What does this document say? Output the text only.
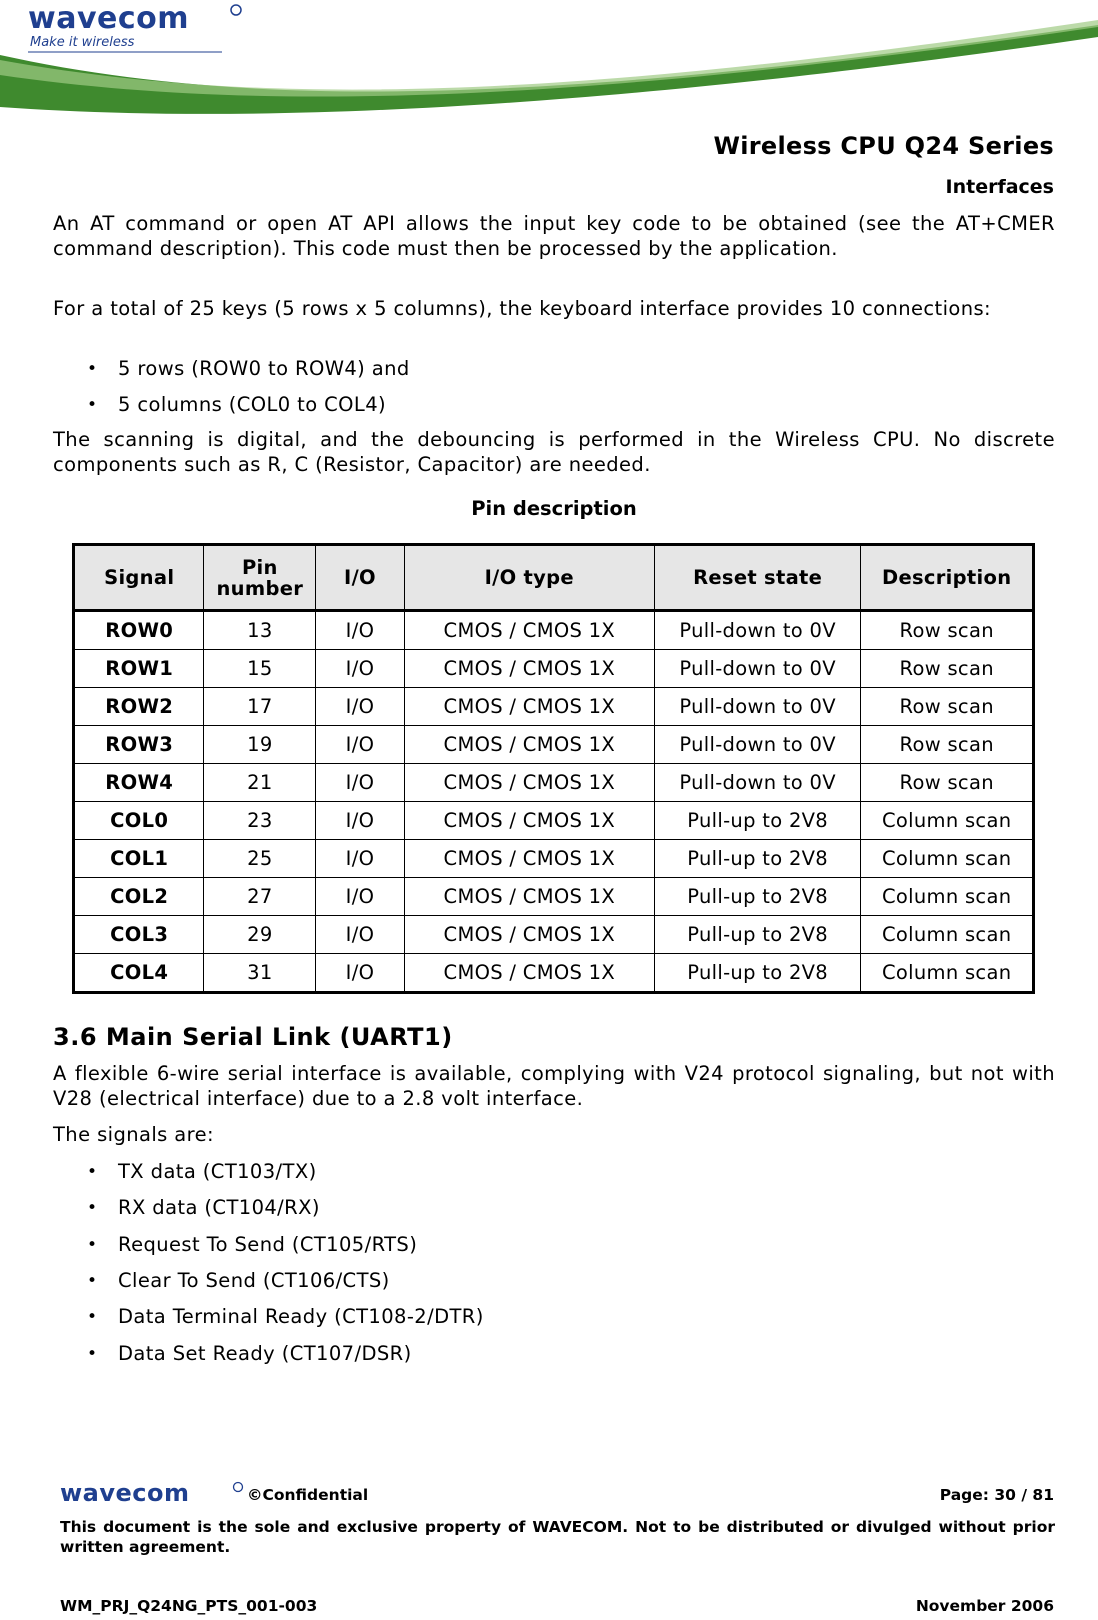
wavecom
Make it wireless
Wireless CPU Q24 Series
Interfaces
An AT command or open AT API allows the input key code to be obtained (see the AT+CMER command description). This code must then be processed by the application.
For a total of 25 keys (5 rows x 5 columns), the keyboard interface provides 10 connections:
• 5 rows (ROW0 to ROW4) and
• 5 columns (COL0 to COL4)
The scanning is digital, and the debouncing is performed in the Wireless CPU. No discrete components such as R, C (Resistor, Capacitor) are needed.
Pin description
Signal	Pin number	I/O	I/O type	Reset state	Description
ROW0	13	I/O	CMOS / CMOS 1X	Pull-down to 0V	Row scan
ROW1	15	I/O	CMOS / CMOS 1X	Pull-down to 0V	Row scan
ROW2	17	I/O	CMOS / CMOS 1X	Pull-down to 0V	Row scan
ROW3	19	I/O	CMOS / CMOS 1X	Pull-down to 0V	Row scan
ROW4	21	I/O	CMOS / CMOS 1X	Pull-down to 0V	Row scan
COL0	23	I/O	CMOS / CMOS 1X	Pull-up to 2V8	Column scan
COL1	25	I/O	CMOS / CMOS 1X	Pull-up to 2V8	Column scan
COL2	27	I/O	CMOS / CMOS 1X	Pull-up to 2V8	Column scan
COL3	29	I/O	CMOS / CMOS 1X	Pull-up to 2V8	Column scan
COL4	31	I/O	CMOS / CMOS 1X	Pull-up to 2V8	Column scan
3.6 Main Serial Link (UART1)
A flexible 6-wire serial interface is available, complying with V24 protocol signaling, but not with V28 (electrical interface) due to a 2.8 volt interface.
The signals are:
• TX data (CT103/TX)
• RX data (CT104/RX)
• Request To Send (CT105/RTS)
• Clear To Send (CT106/CTS)
• Data Terminal Ready (CT108-2/DTR)
• Data Set Ready (CT107/DSR)
wavecom	©Confidential	Page: 30 / 81
This document is the sole and exclusive property of WAVECOM. Not to be distributed or divulged without prior written agreement.
WM_PRJ_Q24NG_PTS_001-003	November 2006
